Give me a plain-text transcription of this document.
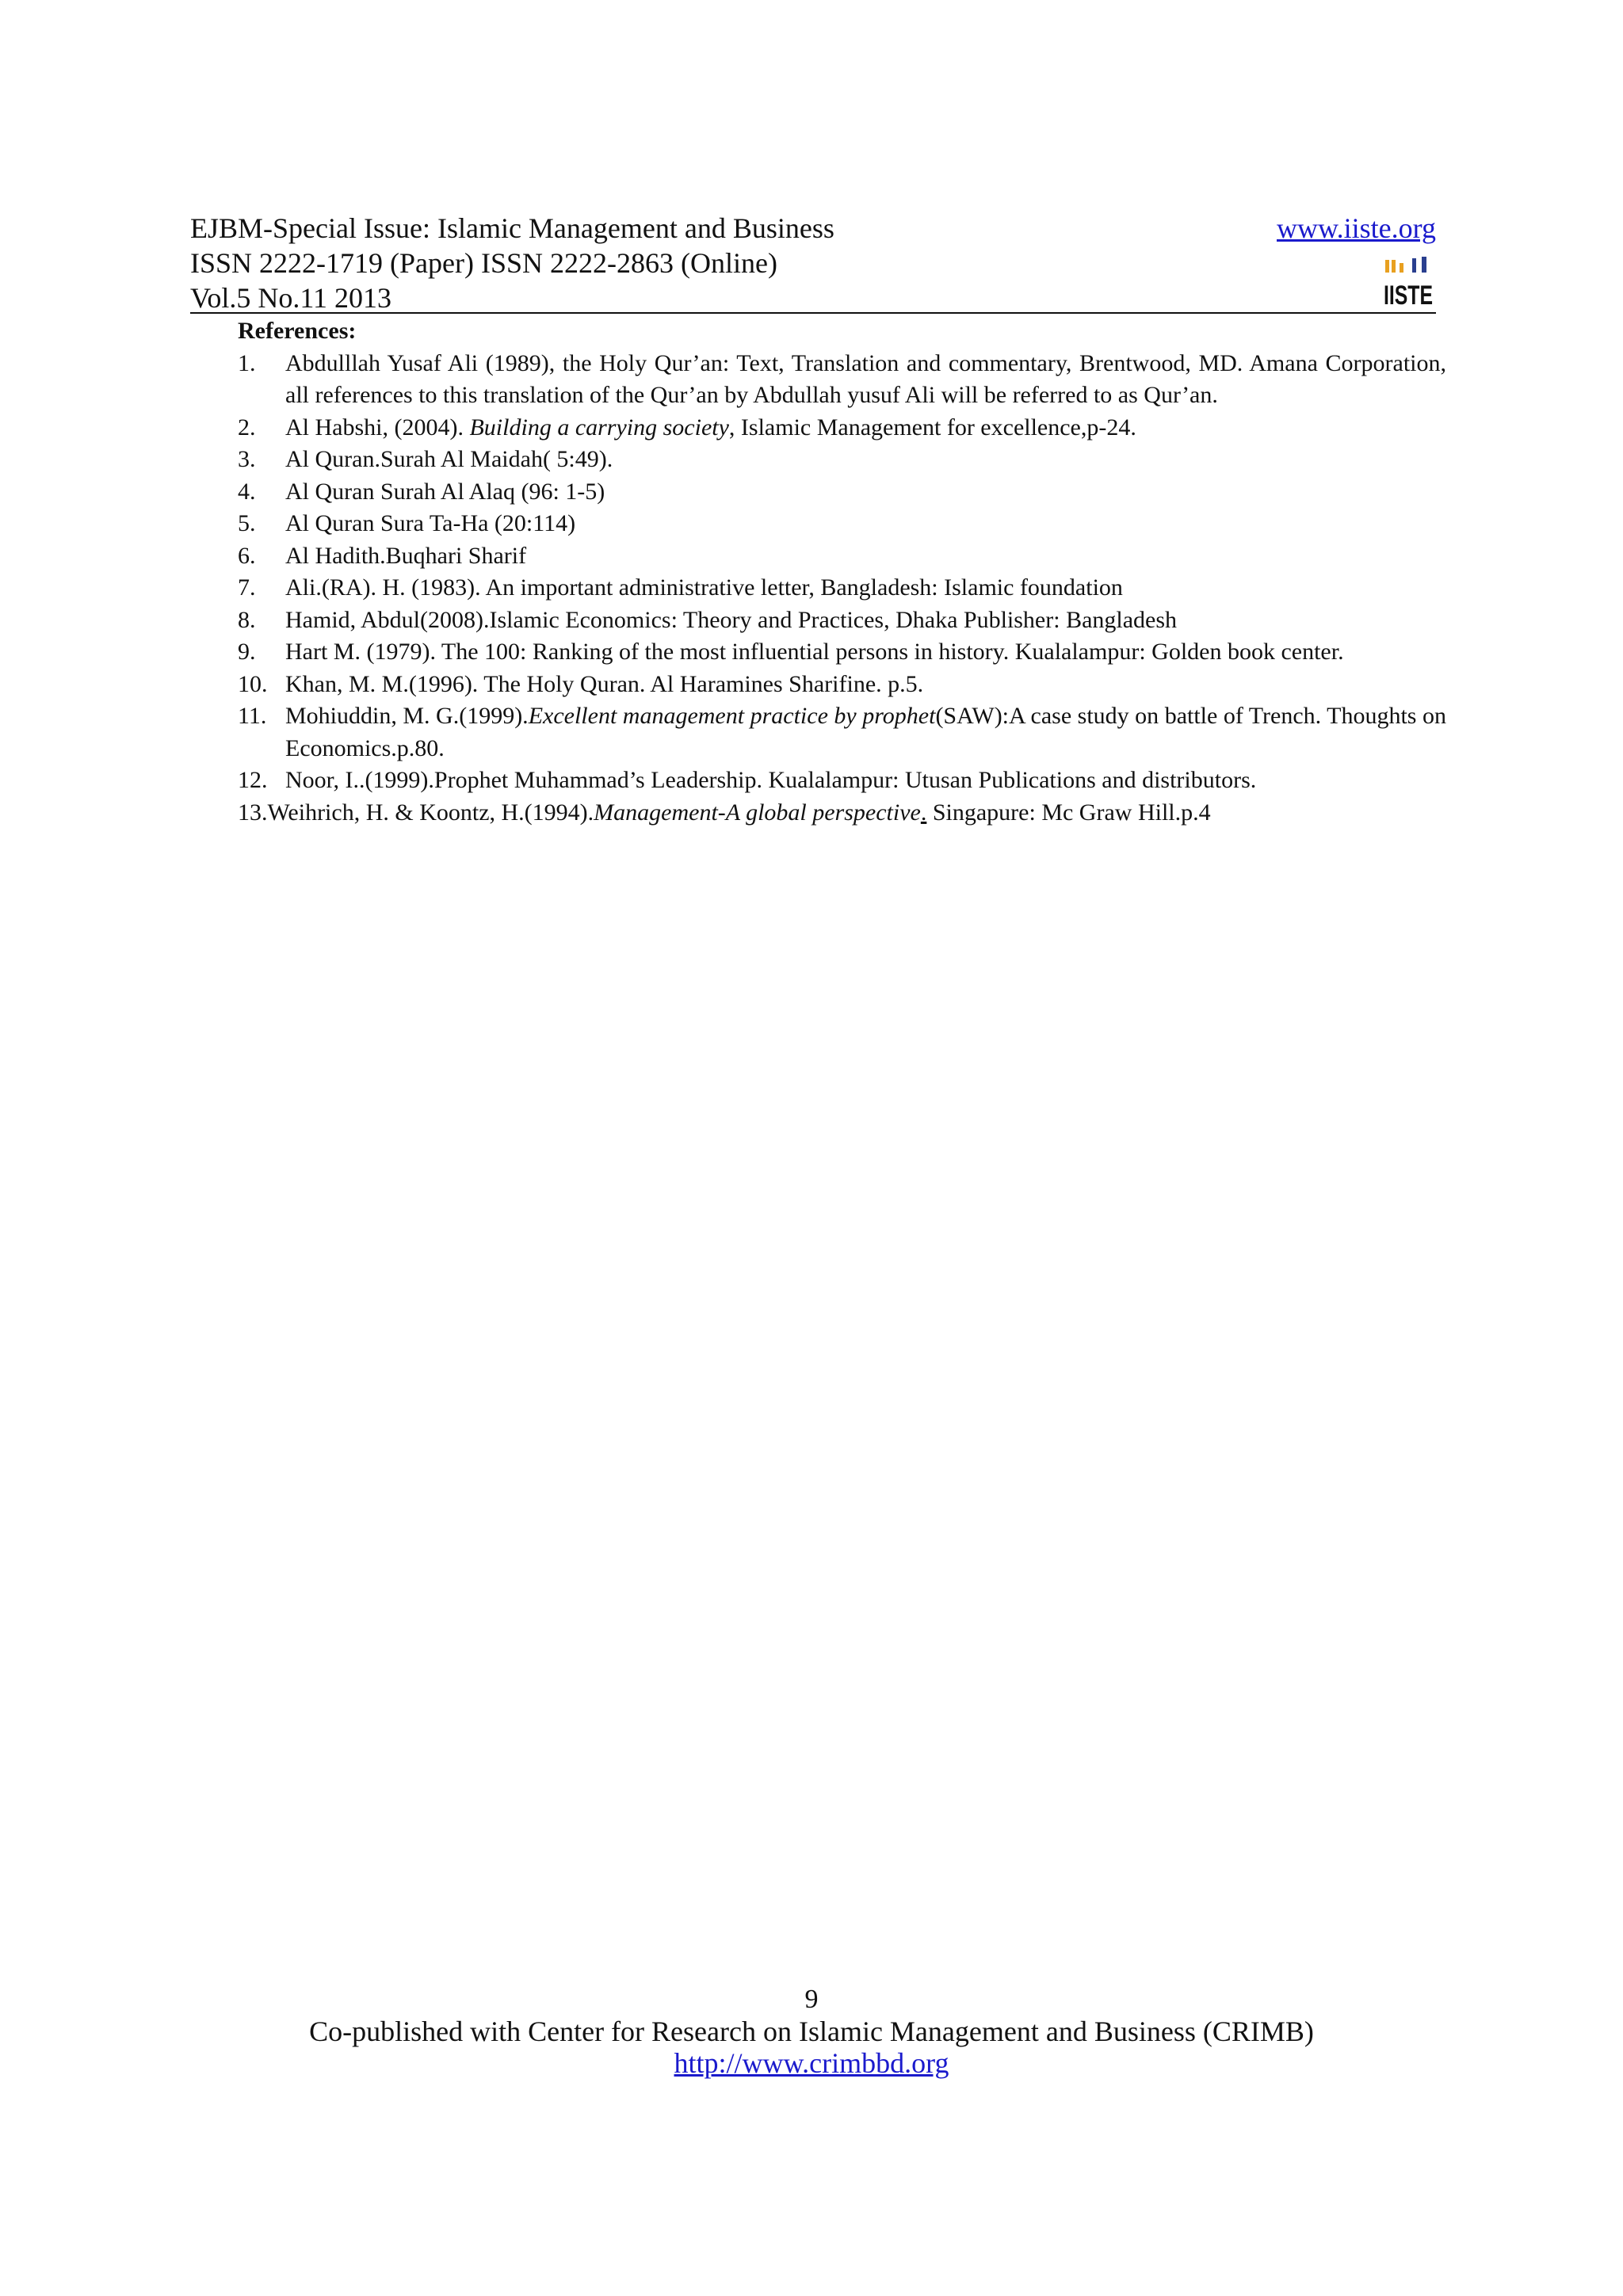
EJBM-Special Issue: Islamic Management and Business
ISSN 2222-1719 (Paper) ISSN 2222-2863 (Online)
Vol.5 No.11 2013
www.iiste.org
IISTE

References:

1. Abdulllah Yusaf Ali (1989), the Holy Qur’an: Text, Translation and commentary, Brentwood, MD. Amana Corporation, all references to this translation of the Qur’an by Abdullah yusuf Ali will be referred to as Qur’an.
2. Al Habshi, (2004). Building a carrying society, Islamic Management for excellence,p-24.
3. Al Quran.Surah Al Maidah( 5:49).
4. Al Quran Surah Al Alaq (96: 1-5)
5. Al Quran Sura Ta-Ha (20:114)
6. Al Hadith.Buqhari Sharif
7. Ali.(RA). H. (1983). An important administrative letter, Bangladesh: Islamic foundation
8. Hamid, Abdul(2008).Islamic Economics: Theory and Practices, Dhaka Publisher: Bangladesh
9. Hart M. (1979). The 100: Ranking of the most influential persons in history. Kualalampur: Golden book center.
10. Khan, M. M.(1996). The Holy Quran. Al Haramines Sharifine. p.5.
11. Mohiuddin, M. G.(1999).Excellent management practice by prophet(SAW):A case study on battle of Trench. Thoughts on Economics.p.80.
12. Noor, I..(1999).Prophet Muhammad’s Leadership. Kualalampur: Utusan Publications and distributors.
13.Weihrich, H. & Koontz, H.(1994).Management-A global perspective. Singapure: Mc Graw Hill.p.4
9
Co-published with Center for Research on Islamic Management and Business (CRIMB)
http://www.crimbbd.org
